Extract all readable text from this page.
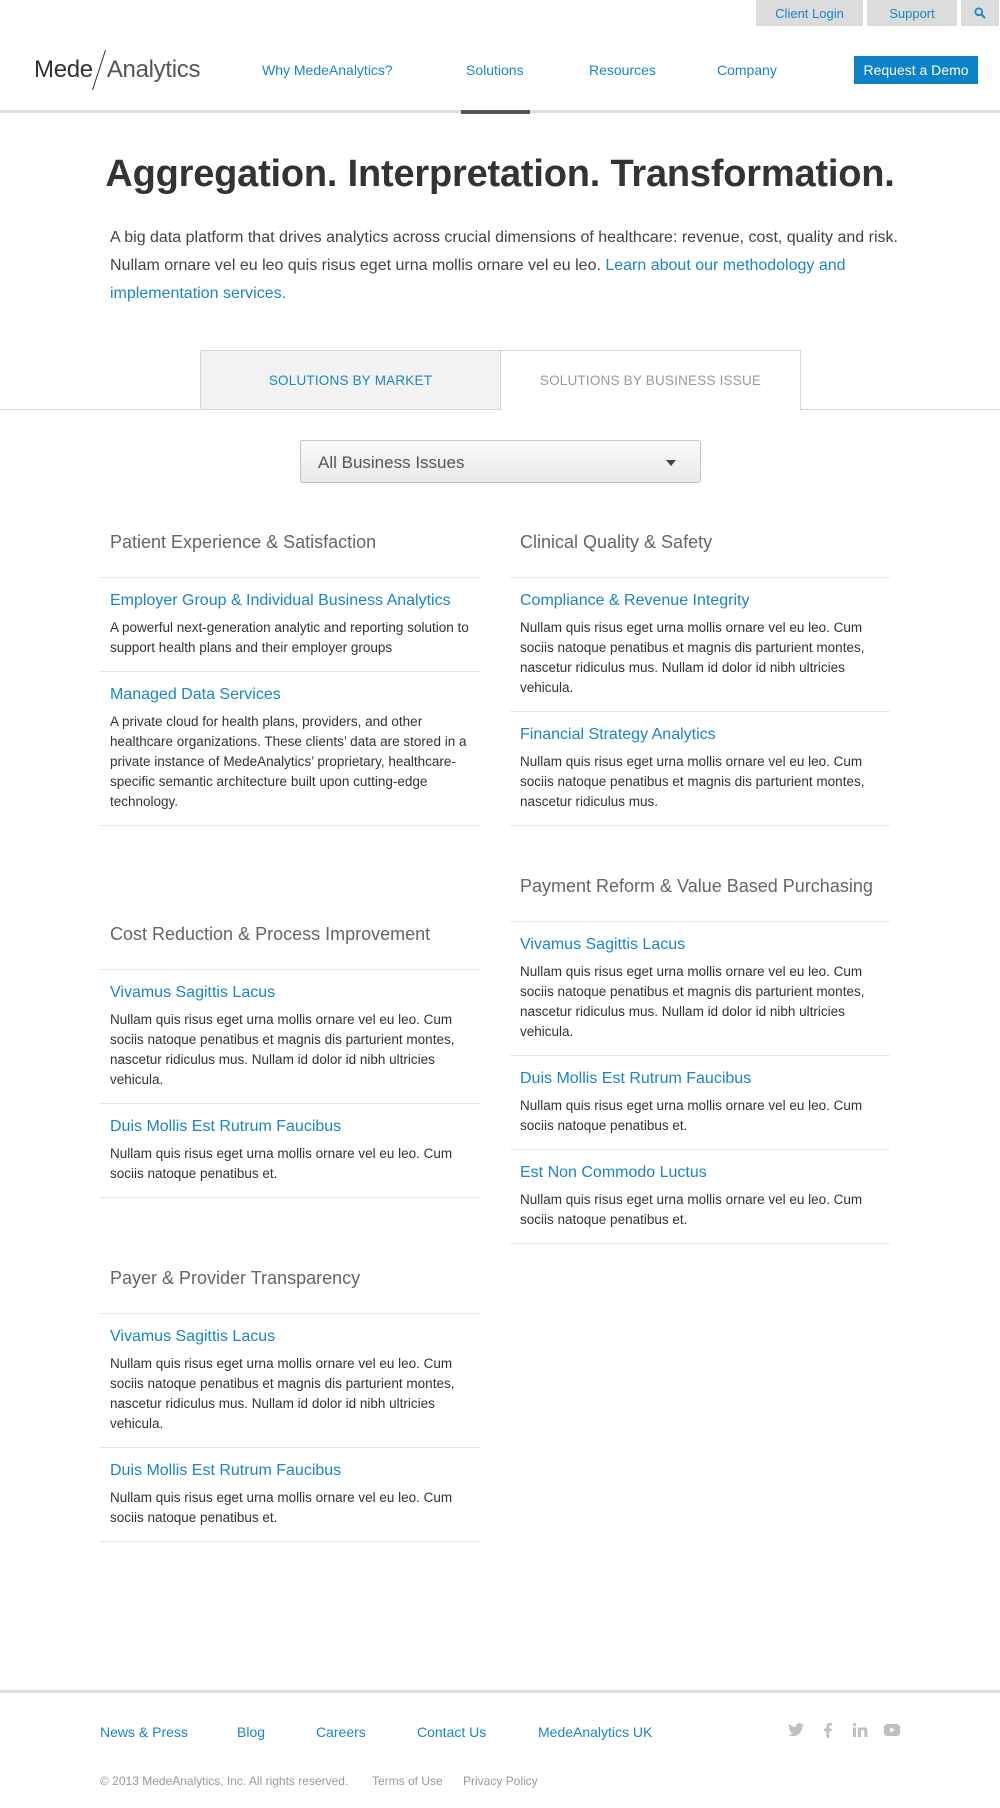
Client Login	Support
Mede Analytics	Why MedeAnalytics?	Solutions	Resources	Company	Request a Demo
Aggregation. Interpretation. Transformation.

A big data platform that drives analytics across crucial dimensions of healthcare: revenue, cost, quality and risk. Nullam ornare vel eu leo quis risus eget urna mollis ornare vel eu leo. Learn about our methodology and implementation services.

SOLUTIONS BY MARKET	SOLUTIONS BY BUSINESS ISSUE
All Business Issues
Patient Experience & Satisfaction
Employer Group & Individual Business Analytics
A powerful next-generation analytic and reporting solution to support health plans and their employer groups
Managed Data Services
A private cloud for health plans, providers, and other healthcare organizations. These clients’ data are stored in a private instance of MedeAnalytics’ proprietary, healthcare-specific semantic architecture built upon cutting-edge technology.
Clinical Quality & Safety
Compliance & Revenue Integrity
Nullam quis risus eget urna mollis ornare vel eu leo. Cum sociis natoque penatibus et magnis dis parturient montes, nascetur ridiculus mus. Nullam id dolor id nibh ultricies vehicula.
Financial Strategy Analytics
Nullam quis risus eget urna mollis ornare vel eu leo. Cum sociis natoque penatibus et magnis dis parturient montes, nascetur ridiculus mus.
Payment Reform & Value Based Purchasing
Vivamus Sagittis Lacus
Nullam quis risus eget urna mollis ornare vel eu leo. Cum sociis natoque penatibus et magnis dis parturient montes, nascetur ridiculus mus. Nullam id dolor id nibh ultricies vehicula.
Duis Mollis Est Rutrum Faucibus
Nullam quis risus eget urna mollis ornare vel eu leo. Cum sociis natoque penatibus et.
Est Non Commodo Luctus
Nullam quis risus eget urna mollis ornare vel eu leo. Cum sociis natoque penatibus et.
Cost Reduction & Process Improvement
Vivamus Sagittis Lacus
Nullam quis risus eget urna mollis ornare vel eu leo. Cum sociis natoque penatibus et magnis dis parturient montes, nascetur ridiculus mus. Nullam id dolor id nibh ultricies vehicula.
Duis Mollis Est Rutrum Faucibus
Nullam quis risus eget urna mollis ornare vel eu leo. Cum sociis natoque penatibus et.
Payer & Provider Transparency
Vivamus Sagittis Lacus
Nullam quis risus eget urna mollis ornare vel eu leo. Cum sociis natoque penatibus et magnis dis parturient montes, nascetur ridiculus mus. Nullam id dolor id nibh ultricies vehicula.
Duis Mollis Est Rutrum Faucibus
Nullam quis risus eget urna mollis ornare vel eu leo. Cum sociis natoque penatibus et.
News & Press	Blog	Careers	Contact Us	MedeAnalytics UK
© 2013 MedeAnalytics, Inc. All rights reserved.	Terms of Use	Privacy Policy
